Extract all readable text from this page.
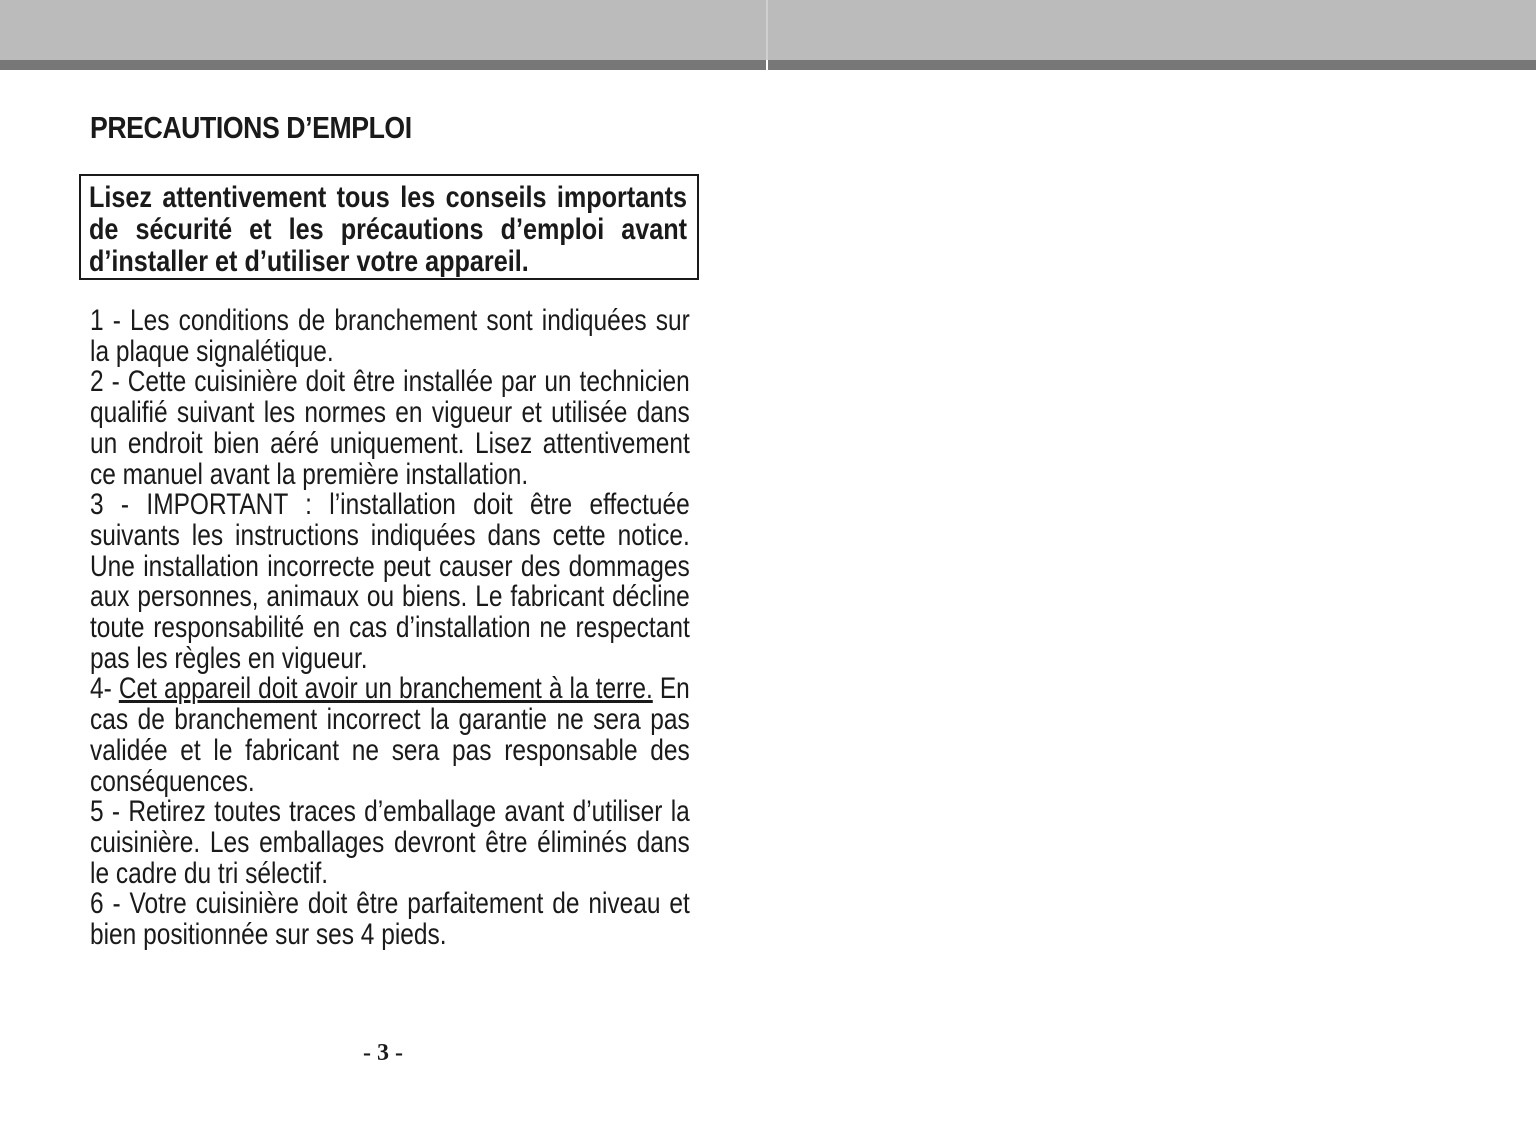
PRECAUTIONS D’EMPLOI
Lisez attentivement tous les conseils importants de sécurité et les précautions d’emploi avant d’installer et d’utiliser votre appareil.

1 - Les conditions de branchement sont indiquées sur la plaque signalétique.

2 - Cette cuisinière doit être installée par un technicien qualifié suivant les normes en vigueur et utilisée dans un endroit bien aéré uniquement. Lisez attentivement ce manuel avant la première installation.

3 - IMPORTANT : l’installation doit être effectuée suivants les instructions indiquées dans cette notice. Une installation incorrecte peut causer des dommages aux personnes, animaux ou biens. Le fabricant décline toute responsabilité en cas d’installation ne respectant pas les règles en vigueur.

4- Cet appareil doit avoir un branchement à la terre. En cas de branchement incorrect la garantie ne sera pas validée et le fabricant ne sera pas responsable des conséquences.

5 - Retirez toutes traces d’emballage avant d’utiliser la cuisinière. Les emballages devront être éliminés dans le cadre du tri sélectif.

6 - Votre cuisinière doit être parfaitement de niveau et bien positionnée sur ses 4 pieds.

- 3 -
